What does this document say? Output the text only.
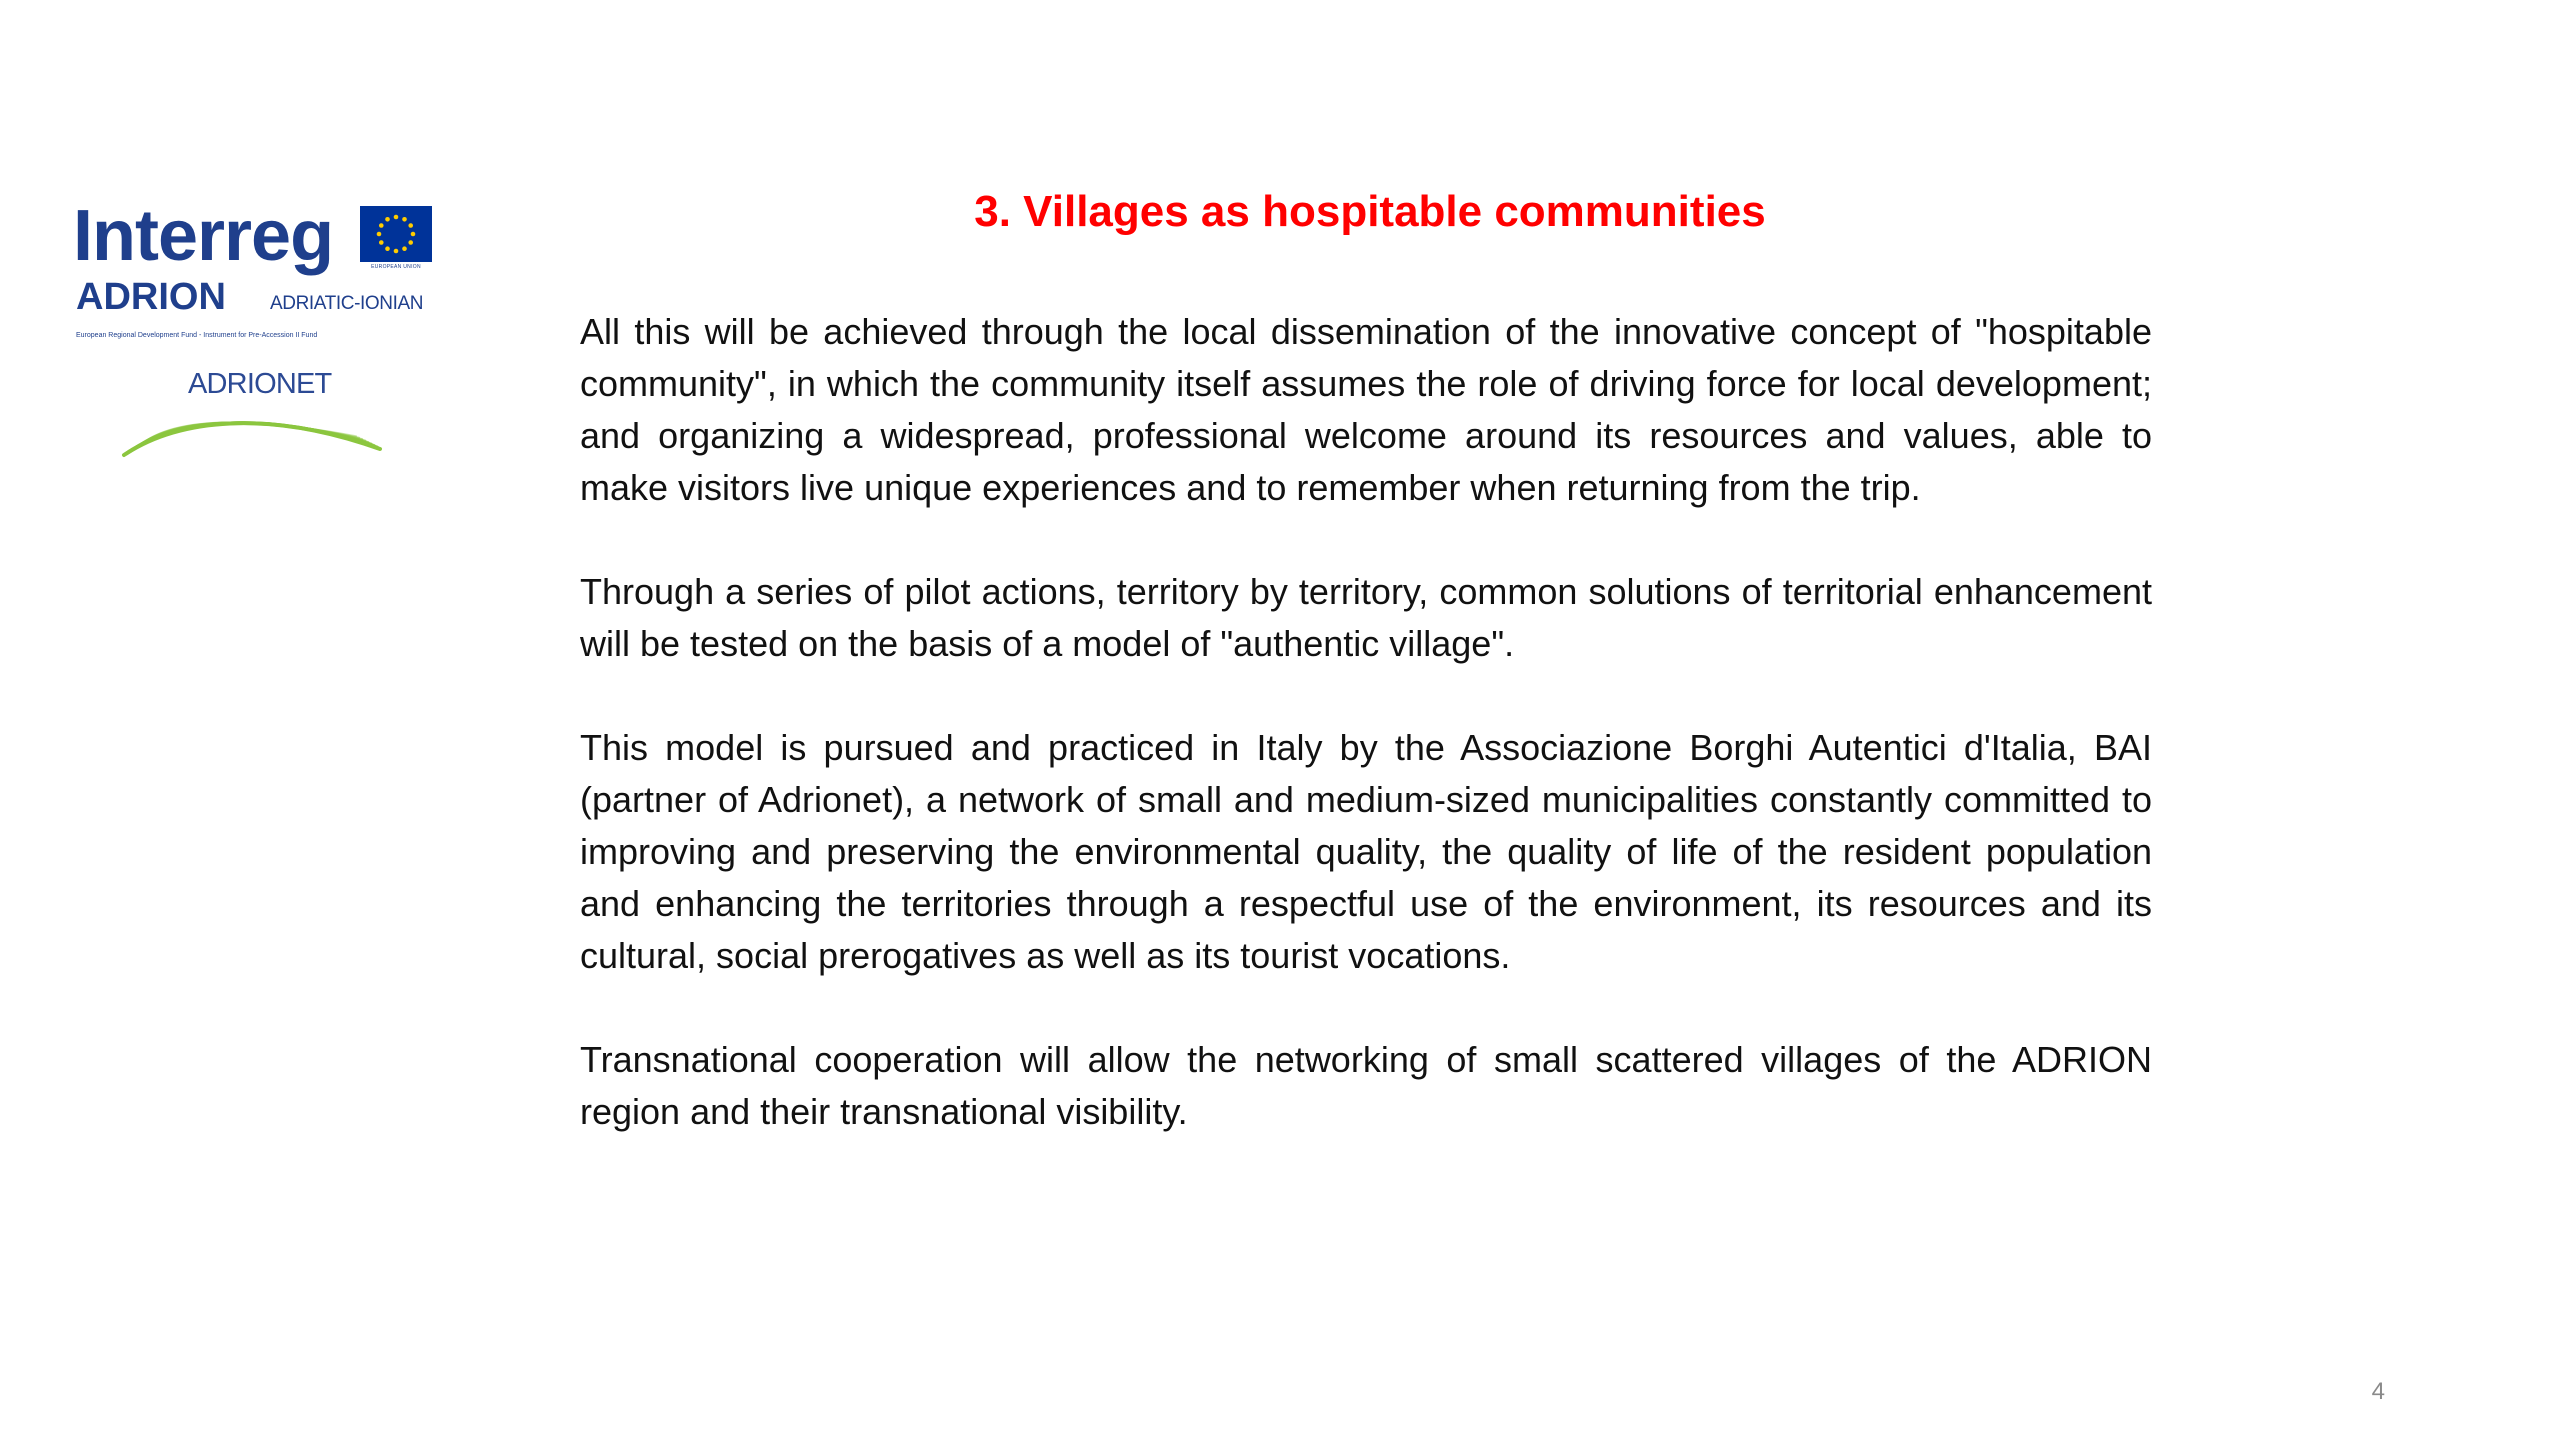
Interreg	EUROPEAN UNION
ADRION ADRIATIC-IONIAN
European Regional Development Fund - Instrument for Pre-Accession II Fund
ADRIONET
3. Villages as hospitable communities

All this will be achieved through the local dissemination of the innovative concept of "hospitable community", in which the community itself assumes the role of driving force for local development; and organizing a widespread, professional welcome around its resources and values, able to make visitors live unique experiences and to remember when returning from the trip.

Through a series of pilot actions, territory by territory, common solutions of territorial enhancement will be tested on the basis of a model of "authentic village".

This model is pursued and practiced in Italy by the Associazione Borghi Autentici d'Italia, BAI (partner of Adrionet), a network of small and medium-sized municipalities constantly committed to improving and preserving the environmental quality, the quality of life of the resident population and enhancing the territories through a respectful use of the environment, its resources and its cultural, social prerogatives as well as its tourist vocations.

Transnational cooperation will allow the networking of small scattered villages of the ADRION region and their transnational visibility.

4
